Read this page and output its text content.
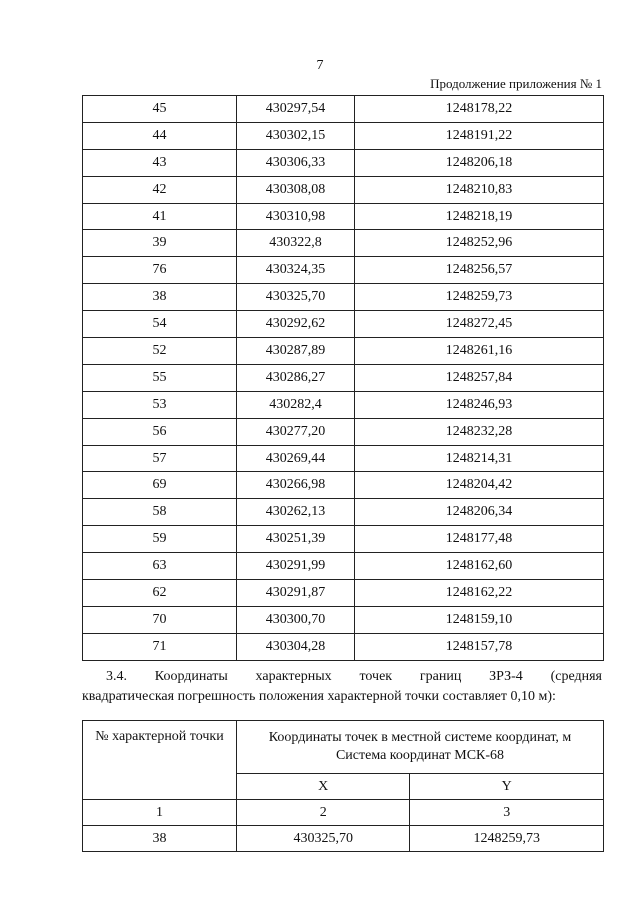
7
Продолжение приложения № 1
45	430297,54	1248178,22
44	430302,15	1248191,22
43	430306,33	1248206,18
42	430308,08	1248210,83
41	430310,98	1248218,19
39	430322,8	1248252,96
76	430324,35	1248256,57
38	430325,70	1248259,73
54	430292,62	1248272,45
52	430287,89	1248261,16
55	430286,27	1248257,84
53	430282,4	1248246,93
56	430277,20	1248232,28
57	430269,44	1248214,31
69	430266,98	1248204,42
58	430262,13	1248206,34
59	430251,39	1248177,48
63	430291,99	1248162,60
62	430291,87	1248162,22
70	430300,70	1248159,10
71	430304,28	1248157,78
3.4. Координаты характерных точек границ ЗРЗ-4 (средняя
квадратическая погрешность положения характерной точки составляет 0,10 м):
№ характерной точки	Координаты точек в местной системе координат, м Система координат МСК-68	
	X	Y
1	2	3
38	430325,70	1248259,73
